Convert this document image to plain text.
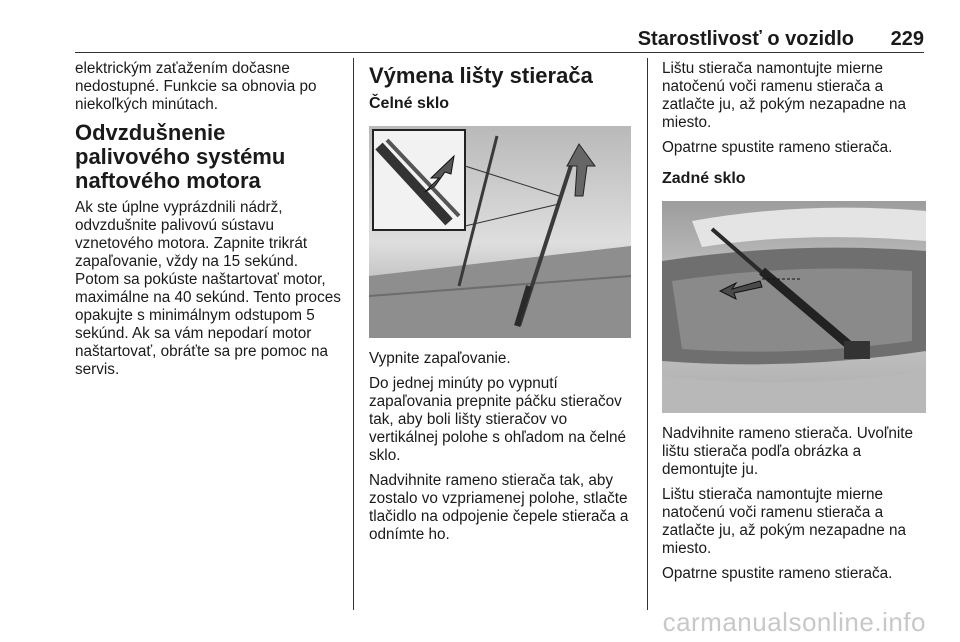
Starostlivosť o vozidlo 229

elektrickým zaťažením dočasne nedostupné. Funkcie sa obnovia po niekoľkých minútach.

Odvzdušnenie palivového systému naftového motora

Ak ste úplne vyprázdnili nádrž, odvzdušnite palivovú sústavu vznetového motora. Zapnite trikrát zapaľovanie, vždy na 15 sekúnd. Potom sa pokúste naštartovať motor, maximálne na 40 sekúnd. Tento proces opakujte s minimálnym odstupom 5 sekúnd. Ak sa vám nepodarí motor naštartovať, obráťte sa pre pomoc na servis.

Výmena lišty stierača
Čelné sklo

Vypnite zapaľovanie.

Do jednej minúty po vypnutí zapaľovania prepnite páčku stieračov tak, aby boli lišty stieračov vo vertikálnej polohe s ohľadom na čelné sklo.

Nadvihnite rameno stierača tak, aby zostalo vo vzpriamenej polohe, stlačte tlačidlo na odpojenie čepele stierača a odnímte ho.

Lištu stierača namontujte mierne natočenú voči ramenu stierača a zatlačte ju, až pokým nezapadne na miesto.

Opatrne spustite rameno stierača.

Zadné sklo

Nadvihnite rameno stierača. Uvoľnite lištu stierača podľa obrázka a demontujte ju.

Lištu stierača namontujte mierne natočenú voči ramenu stierača a zatlačte ju, až pokým nezapadne na miesto.

Opatrne spustite rameno stierača.

carmanualsonline.info
